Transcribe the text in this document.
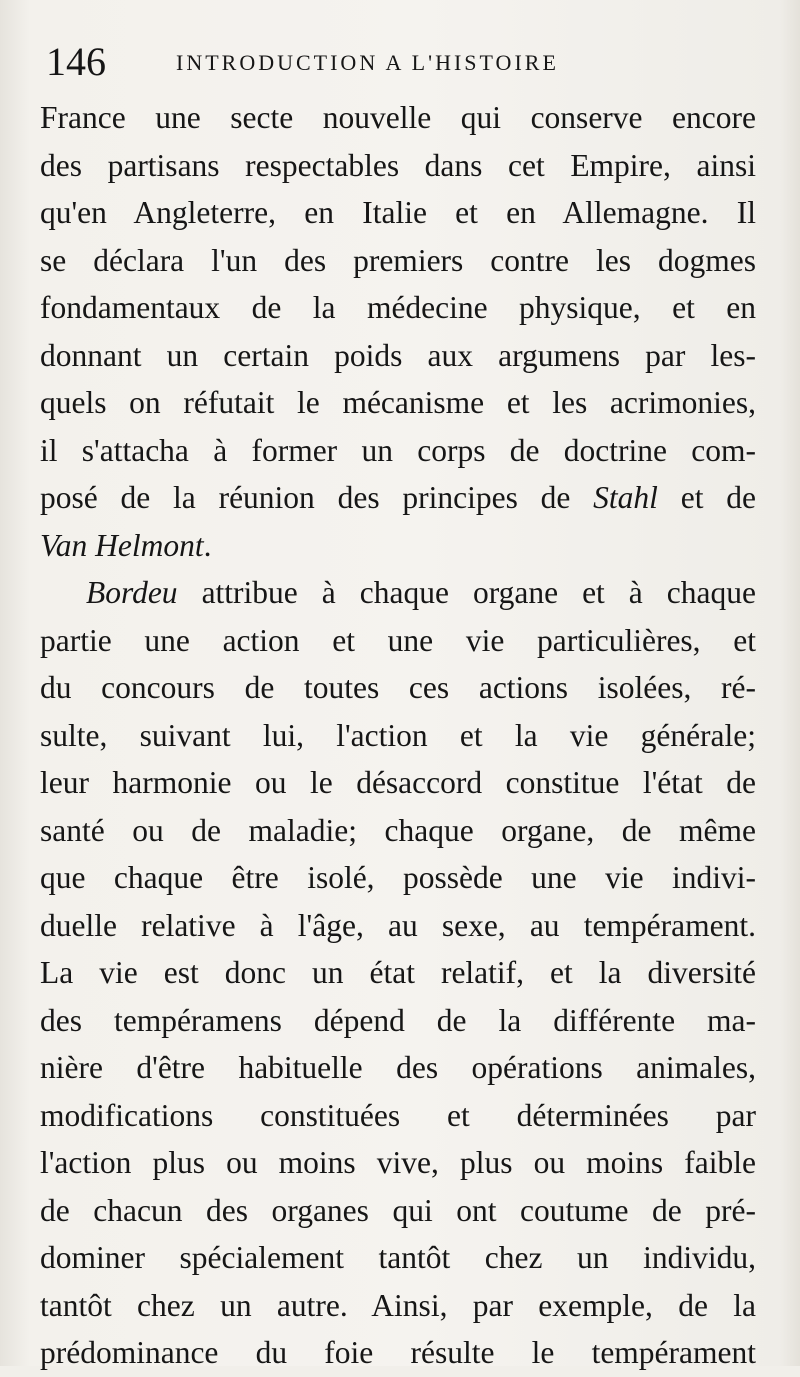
146	INTRODUCTION A L'HISTOIRE
France une secte nouvelle qui conserve encore
des partisans respectables dans cet Empire, ainsi
qu'en Angleterre, en Italie et en Allemagne. Il
se déclara l'un des premiers contre les dogmes
fondamentaux de la médecine physique, et en
donnant un certain poids aux argumens par les-
quels on réfutait le mécanisme et les acrimonies,
il s'attacha à former un corps de doctrine com-
posé de la réunion des principes de Stahl et de
Van Helmont.
Bordeu attribue à chaque organe et à chaque
partie une action et une vie particulières, et
du concours de toutes ces actions isolées, ré-
sulte, suivant lui, l'action et la vie générale;
leur harmonie ou le désaccord constitue l'état de
santé ou de maladie; chaque organe, de même
que chaque être isolé, possède une vie indivi-
duelle relative à l'âge, au sexe, au tempérament.
La vie est donc un état relatif, et la diversité
des tempéramens dépend de la différente ma-
nière d'être habituelle des opérations animales,
modifications constituées et déterminées par
l'action plus ou moins vive, plus ou moins faible
de chacun des organes qui ont coutume de pré-
dominer spécialement tantôt chez un individu,
tantôt chez un autre. Ainsi, par exemple, de la
prédominance du foie résulte le tempérament
